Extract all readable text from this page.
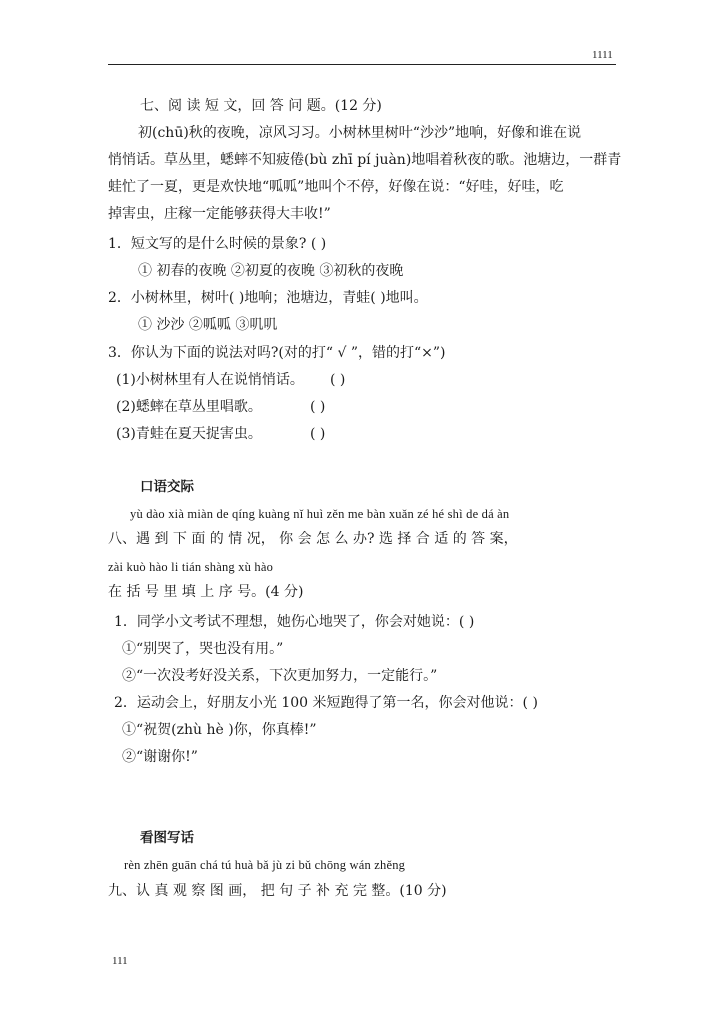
1111
七、阅 读 短 文，回 答 问 题。(12 分)
初(chū)秋的夜晚，凉风习习。小树林里树叶“沙沙”地响，好像和谁在说
悄悄话。草丛里，蟋蟀不知疲倦(bù zhī pí juàn)地唱着秋夜的歌。池塘边，一群青
蛙忙了一夏，更是欢快地“呱呱”地叫个不停，好像在说：“好哇，好哇，吃
掉害虫，庄稼一定能够获得大丰收!”
1．短文写的是什么时候的景象? ( )
① 初春的夜晚 ②初夏的夜晚 ③初秋的夜晚
2．小树林里，树叶( )地响；池塘边，青蛙( )地叫。
① 沙沙 ②呱呱 ③叽叽
3．你认为下面的说法对吗?(对的打“ √ ”，错的打“×”)
(1)小树林里有人在说悄悄话。 ( )
(2)蟋蟀在草丛里唱歌。	( )
(3)青蛙在夏天捉害虫。	( )
口语交际
yù dào xià miàn de qíng kuàng nǐ huì zěn me bàn xuǎn zé hé shì de dá àn
八、遇 到 下 面 的 情 况， 你 会 怎 么 办? 选 择 合 适 的 答 案，
zài kuò hào li tián shàng xù hào
在 括 号 里 填 上 序 号。(4 分)
1．同学小文考试不理想，她伤心地哭了，你会对她说：( )
①“别哭了，哭也没有用。”
②“一次没考好没关系，下次更加努力，一定能行。”
2．运动会上，好朋友小光 100 米短跑得了第一名，你会对他说：( )
①“祝贺(zhù hè )你，你真棒!”
②“谢谢你!”
看图写话
rèn zhēn guān chá tú huà bǎ jù zi bǔ chōng wán zhěng
九、认 真 观 察 图 画， 把 句 子 补 充 完 整。(10 分)
111
